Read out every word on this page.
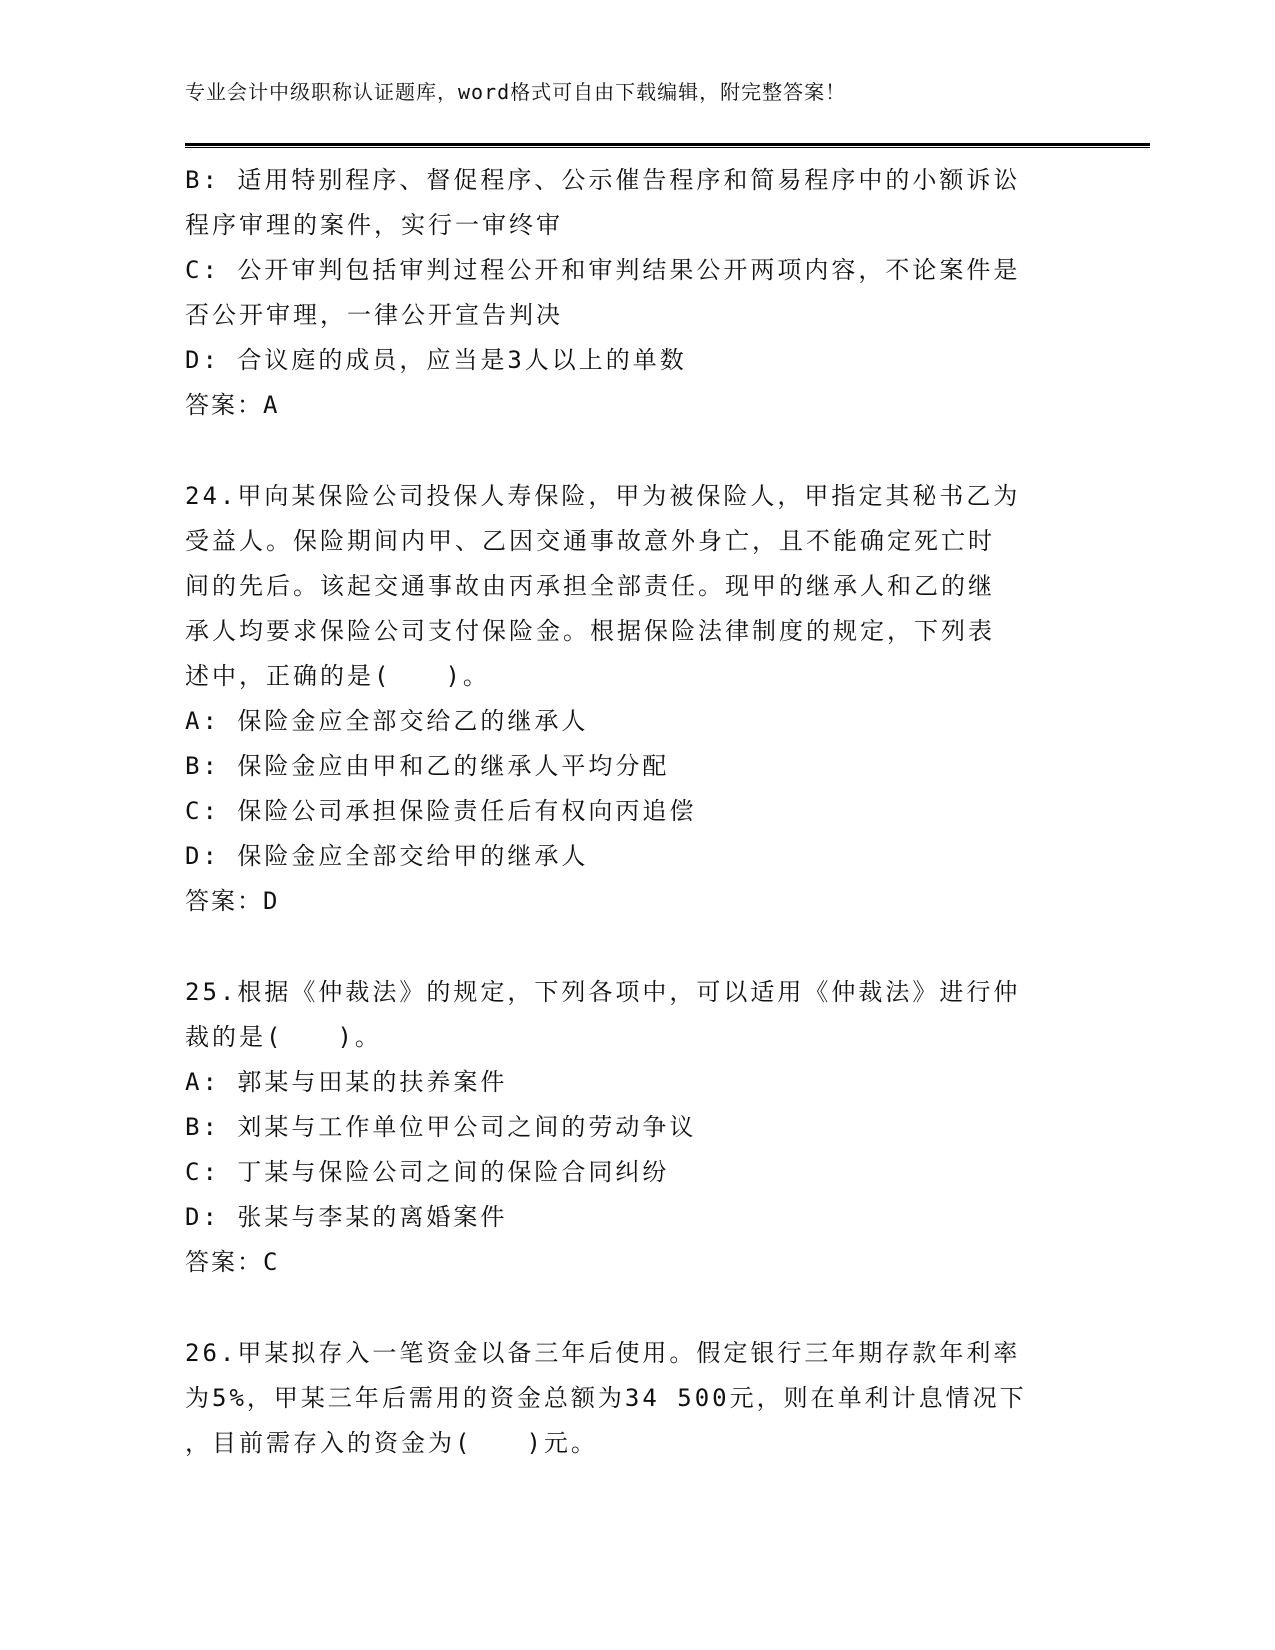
专业会计中级职称认证题库，word格式可自由下载编辑，附完整答案！
B: 适用特别程序、督促程序、公示催告程序和简易程序中的小额诉讼
程序审理的案件，实行一审终审
C: 公开审判包括审判过程公开和审判结果公开两项内容，不论案件是
否公开审理，一律公开宣告判决
D: 合议庭的成员，应当是3人以上的单数
答案：A
24.甲向某保险公司投保人寿保险，甲为被保险人，甲指定其秘书乙为
受益人。保险期间内甲、乙因交通事故意外身亡，且不能确定死亡时
间的先后。该起交通事故由丙承担全部责任。现甲的继承人和乙的继
承人均要求保险公司支付保险金。根据保险法律制度的规定，下列表
述中，正确的是(　　)。
A: 保险金应全部交给乙的继承人
B: 保险金应由甲和乙的继承人平均分配
C: 保险公司承担保险责任后有权向丙追偿
D: 保险金应全部交给甲的继承人
答案：D
25.根据《仲裁法》的规定，下列各项中，可以适用《仲裁法》进行仲
裁的是(　　)。
A: 郭某与田某的扶养案件
B: 刘某与工作单位甲公司之间的劳动争议
C: 丁某与保险公司之间的保险合同纠纷
D: 张某与李某的离婚案件
答案：C
26.甲某拟存入一笔资金以备三年后使用。假定银行三年期存款年利率
为5%，甲某三年后需用的资金总额为34 500元，则在单利计息情况下
，目前需存入的资金为(　　)元。
